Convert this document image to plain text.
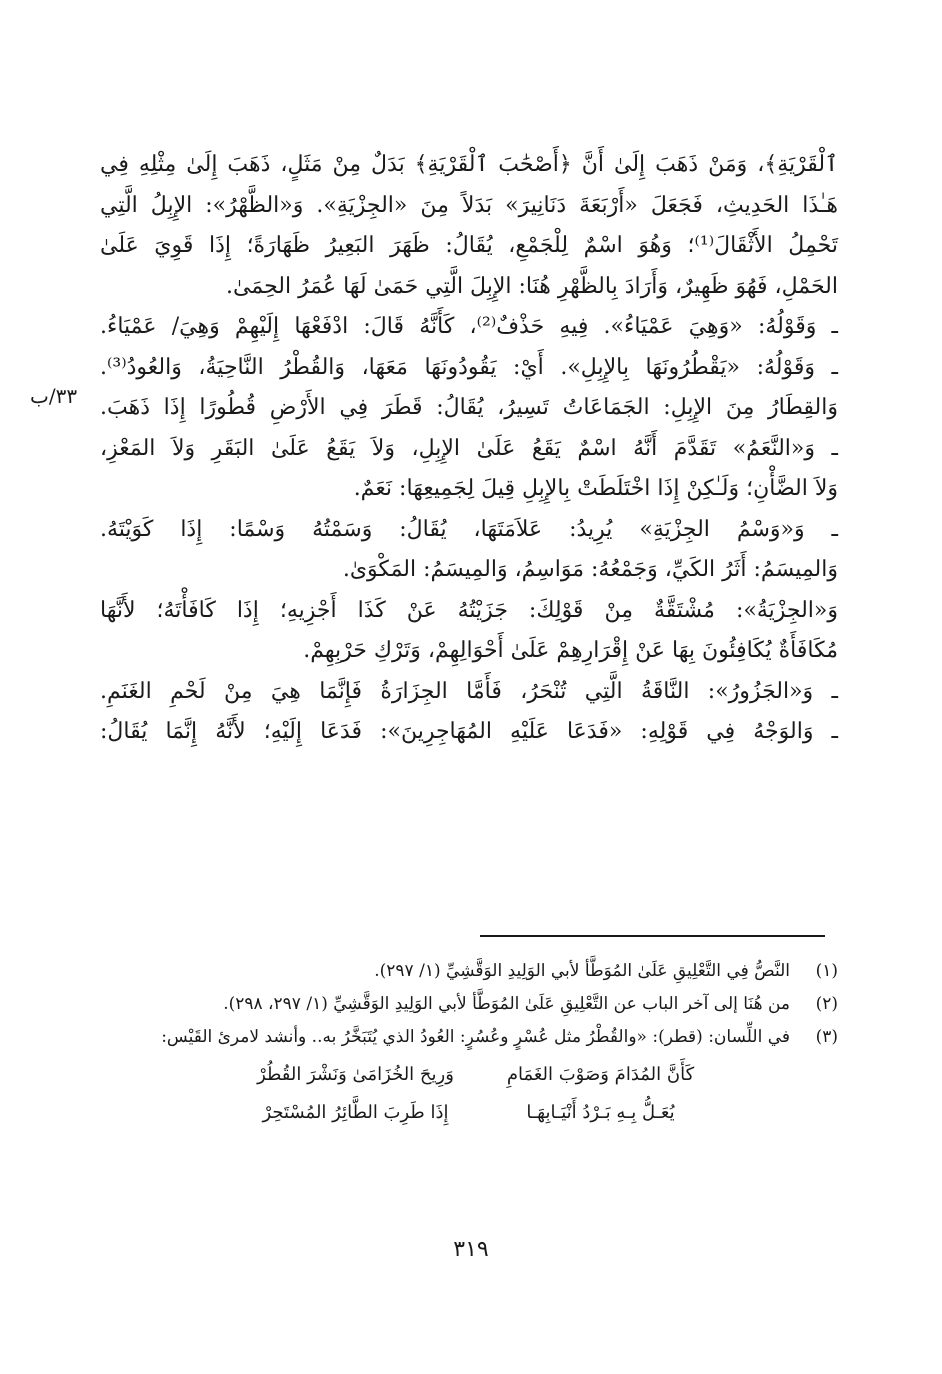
ٱلْقَرْيَةِ﴾، وَمَنْ ذَهَبَ إِلَىٰ أَنَّ ﴿أَصْحَٰبَ ٱلْقَرْيَةِ﴾ بَدَلٌ مِنْ مَثَلٍ، ذَهَبَ إِلَىٰ مِثْلِهِ فِي
هَـٰذَا الحَدِيثِ، فَجَعَلَ «أَرْبَعَةَ دَنَانِيرَ» بَدَلاً مِنَ «الجِزْيَةِ». وَ«الظَّهْرُ»: الإِبِلُ الَّتِي
تَحْمِلُ الأَثْقَالَ⁽¹⁾؛ وَهُوَ اسْمٌ لِلْجَمْعِ، يُقَالُ: ظَهَرَ البَعِيرُ ظَهَارَةً؛ إِذَا قَوِيَ عَلَىٰ
الحَمْلِ، فَهُوَ ظَهِيرٌ، وَأَرَادَ بِالظَّهْرِ هُنَا: الإِبِلَ الَّتِي حَمَىٰ لَهَا عُمَرُ الحِمَىٰ.
ـ وَقَوْلُهُ: «وَهِيَ عَمْيَاءُ». فِيهِ حَذْفٌ⁽²⁾، كَأَنَّهُ قَالَ: ادْفَعْهَا إِلَيْهِمْ وَهِيَ/ عَمْيَاءُ.
ـ وَقَوْلُهُ: «يَقْطُرُونَهَا بِالإِبِلِ». أَيْ: يَقُودُونَهَا مَعَهَا، وَالقُطْرُ النَّاحِيَةُ، وَالعُودُ⁽³⁾.
وَالقِطَارُ مِنَ الإِبِلِ: الجَمَاعَاتُ تَسِيرُ، يُقَالُ: قَطَرَ فِي الأَرْضِ قُطُورًا إِذَا ذَهَبَ.
ـ وَ«النَّعَمُ» تَقَدَّمَ أَنَّهُ اسْمٌ يَقَعُ عَلَىٰ الإِبِلِ، وَلاَ يَقَعُ عَلَىٰ البَقَرِ وَلاَ المَعْزِ،
وَلاَ الضَّأْنِ؛ وَلَـٰكِنْ إِذَا اخْتَلَطَتْ بِالإِبِلِ قِيلَ لِجَمِيعِهَا: نَعَمٌ.
ـ وَ«وَسْمُ الجِزْيَةِ» يُرِيدُ: عَلاَمَتَهَا، يُقَالُ: وَسَمْتُهُ وَسْمًا: إِذَا كَوَيْتَهُ.
وَالمِيسَمُ: أَثَرُ الكَيِّ، وَجَمْعُهُ: مَوَاسِمُ، وَالمِيسَمُ: المَكْوَىٰ.
وَ«الجِزْيَةُ»: مُشْتَقَّةٌ مِنْ قَوْلِكَ: جَزَيْتُهُ عَنْ كَذَا أَجْزِيهِ؛ إِذَا كَافَأْتَهُ؛ لأَنَّهَا
مُكَافَأَةٌ يُكَافِئُونَ بِهَا عَنْ إِقْرَارِهِمْ عَلَىٰ أَحْوَالِهِمْ، وَتَرْكِ حَرْبِهِمْ.
ـ وَ«الجَزُورُ»: النَّاقَةُ الَّتِي تُنْحَرُ، فَأَمَّا الجِزَارَةُ فَإِنَّمَا هِيَ مِنْ لَحْمِ الغَنَمِ.
ـ وَالوَجْهُ فِي قَوْلِهِ: «فَدَعَا عَلَيْهِ المُهَاجِرِينَ»: فَدَعَا إِلَيْهِ؛ لأَنَّهُ إِنَّمَا يُقَالُ:
٣٣/ب
(١)
النَّصُّ فِي التَّعْلِيقِ عَلَىٰ المُوَطَّأ لأبي الوَلِيدِ الوَقَّشِيِّ (١/ ٢٩٧).
(٢)
من هُنَا إلى آخر الباب عن التَّعْلِيقِ عَلَىٰ المُوَطَّأ لأبي الوَلِيدِ الوَقَّشِيِّ (١/ ٢٩٧، ٢٩٨).
(٣)
في اللِّسان: (قطر): «والقُطْرُ مثل عُسْرٍ وعُسُرٍ: العُودُ الذي يُتَبَخَّرُ به.. وأنشد لامرئ القَيْس:
كَأَنَّ المُدَامَ وَصَوْبَ الغَمَامِ
وَرِيحَ الخُزَامَىٰ وَنَشْرَ القُطُرْ
يُعَـلُّ بِـهِ بَـرْدُ أَنْيَـابِهَـا
إِذَا طَرِبَ الطَّائِرُ المُسْتَحِرْ
٣١٩
